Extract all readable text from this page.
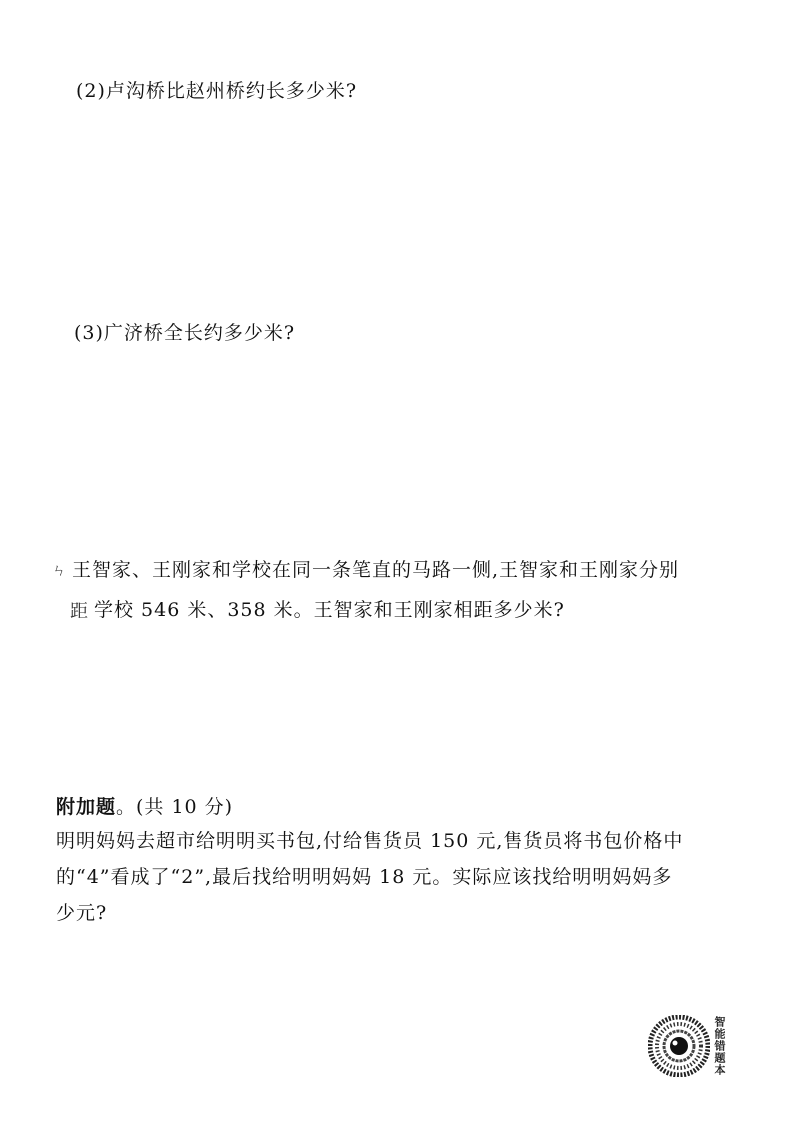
(2)卢沟桥比赵州桥约长多少米?
(3)广济桥全长约多少米?
ㄣ 王智家、王刚家和学校在同一条笔直的马路一侧,王智家和王刚家分别
距 学校 546 米、358 米。王智家和王刚家相距多少米?
附加题。(共 10 分)
明明妈妈去超市给明明买书包,付给售货员 150 元,售货员将书包价格中
的“4”看成了“2”,最后找给明明妈妈 18 元。实际应该找给明明妈妈多
少元?
智能错题本
